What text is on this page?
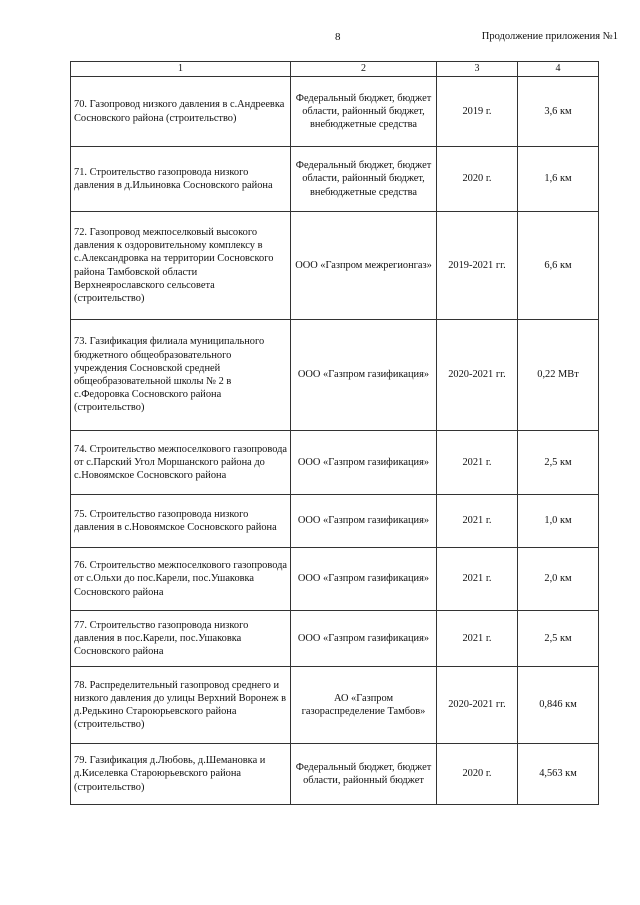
8	Продолжение приложения №1
1	2	3	4
70. Газопровод низкого давления в с.Андреевка Сосновского района (строительство)	Федеральный бюджет, бюджет области, районный бюджет, внебюджетные средства	2019 г.	3,6 км
71. Строительство газопровода низкого давления в д.Ильиновка Сосновского района	Федеральный бюджет, бюджет области, районный бюджет, внебюджетные средства	2020 г.	1,6 км
72. Газопровод межпоселковый высокого давления к оздоровительному комплексу в с.Александровка на территории Сосновского района Тамбовской области Верхнеярославского сельсовета (строительство)	ООО «Газпром межрегионгаз»	2019-2021 гг.	6,6 км
73. Газификация филиала муниципального бюджетного общеобразовательного учреждения Сосновской средней общеобразовательной школы № 2 в с.Федоровка Сосновского района (строительство)	ООО «Газпром газификация»	2020-2021 гг.	0,22 МВт
74. Строительство межпоселкового газопровода от с.Парский Угол Моршанского района до с.Новоямское Сосновского района	ООО «Газпром газификация»	2021 г.	2,5 км
75. Строительство газопровода низкого давления в с.Новоямское Сосновского района	ООО «Газпром газификация»	2021 г.	1,0 км
76. Строительство межпоселкового газопровода от с.Ольхи до пос.Карели, пос.Ушаковка Сосновского района	ООО «Газпром газификация»	2021 г.	2,0 км
77. Строительство газопровода низкого давления в пос.Карели, пос.Ушаковка Сосновского района	ООО «Газпром газификация»	2021 г.	2,5 км
78. Распределительный газопровод среднего и низкого давления до улицы Верхний Воронеж в д.Редькино Староюрьевского района (строительство)	АО «Газпром газораспределение Тамбов»	2020-2021 гг.	0,846 км
79. Газификация д.Любовь, д.Шемановка и д.Киселевка Староюрьевского района (строительство)	Федеральный бюджет, бюджет области, районный бюджет	2020 г.	4,563 км
